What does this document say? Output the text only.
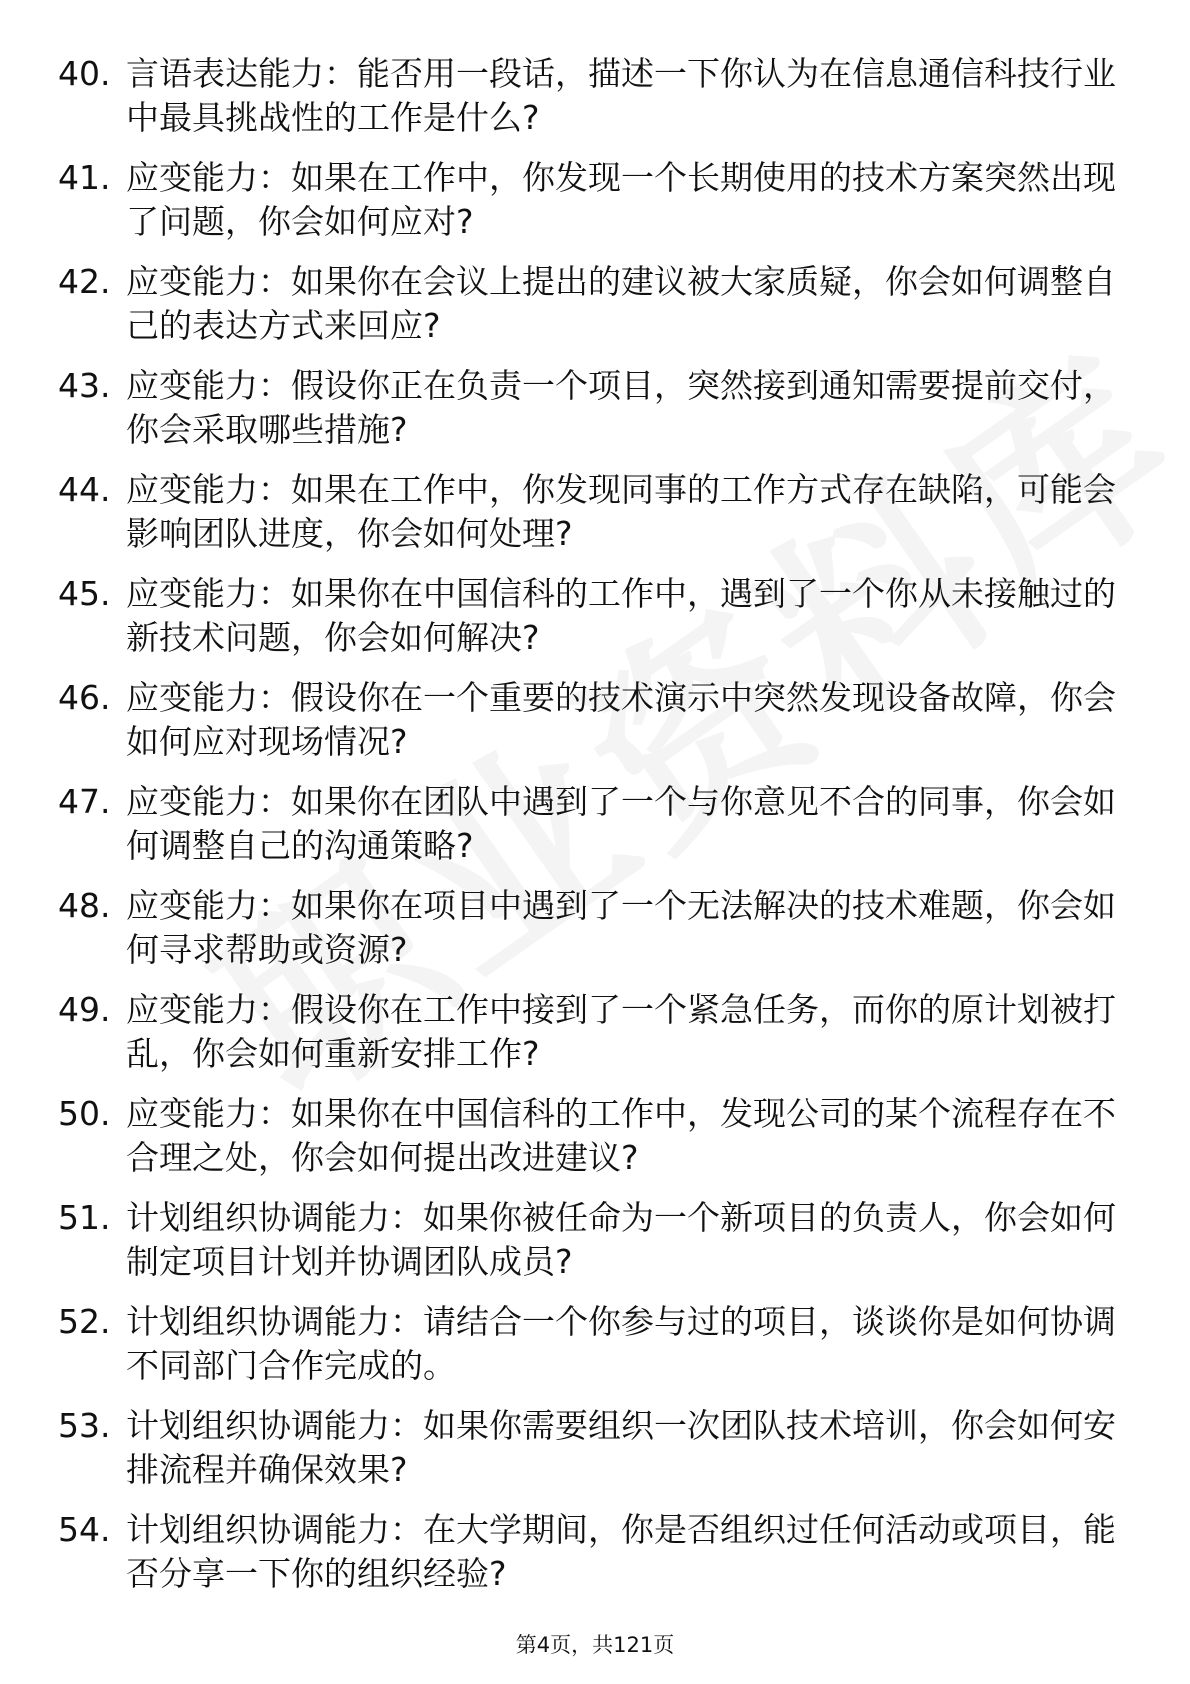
40. 言语表达能力：能否用一段话，描述一下你认为在信息通信科技行业中最具挑战性的工作是什么?
41. 应变能力：如果在工作中，你发现一个长期使用的技术方案突然出现了问题，你会如何应对?
42. 应变能力：如果你在会议上提出的建议被大家质疑，你会如何调整自己的表达方式来回应?
43. 应变能力：假设你正在负责一个项目，突然接到通知需要提前交付，你会采取哪些措施?
44. 应变能力：如果在工作中，你发现同事的工作方式存在缺陷，可能会影响团队进度，你会如何处理?
45. 应变能力：如果你在中国信科的工作中，遇到了一个你从未接触过的新技术问题，你会如何解决?
46. 应变能力：假设你在一个重要的技术演示中突然发现设备故障，你会如何应对现场情况?
47. 应变能力：如果你在团队中遇到了一个与你意见不合的同事，你会如何调整自己的沟通策略?
48. 应变能力：如果你在项目中遇到了一个无法解决的技术难题，你会如何寻求帮助或资源?
49. 应变能力：假设你在工作中接到了一个紧急任务，而你的原计划被打乱，你会如何重新安排工作?
50. 应变能力：如果你在中国信科的工作中，发现公司的某个流程存在不合理之处，你会如何提出改进建议?
51. 计划组织协调能力：如果你被任命为一个新项目的负责人，你会如何制定项目计划并协调团队成员?
52. 计划组织协调能力：请结合一个你参与过的项目，谈谈你是如何协调不同部门合作完成的。
53. 计划组织协调能力：如果你需要组织一次团队技术培训，你会如何安排流程并确保效果?
54. 计划组织协调能力：在大学期间，你是否组织过任何活动或项目，能否分享一下你的组织经验?
第4页，共121页
